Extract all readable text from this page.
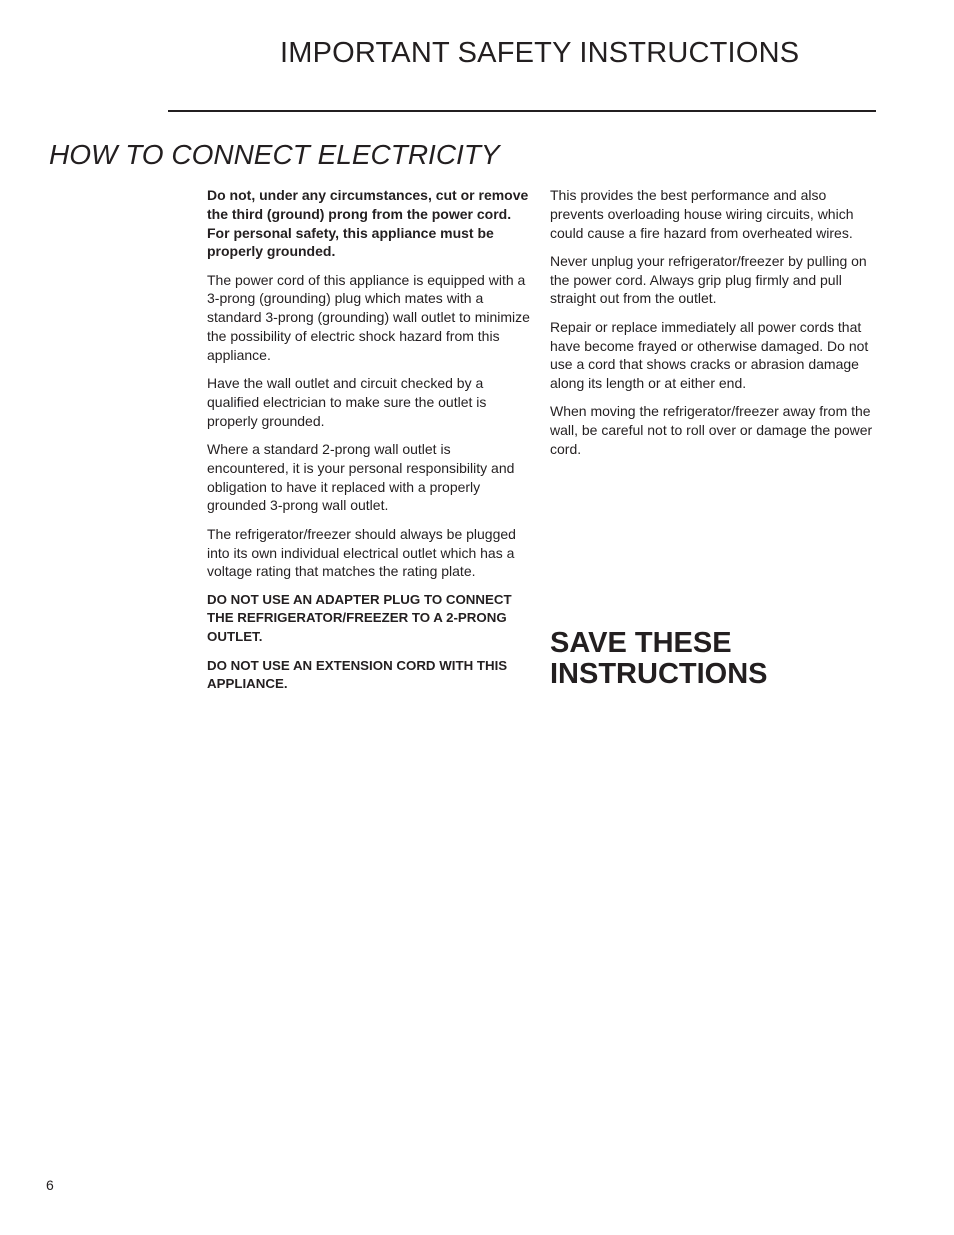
IMPORTANT SAFETY INSTRUCTIONS
HOW TO CONNECT ELECTRICITY

Do not, under any circumstances, cut or remove the third (ground) prong from the power cord. For personal safety, this appliance must be properly grounded.

The power cord of this appliance is equipped with a 3-prong (grounding) plug which mates with a standard 3-prong (grounding) wall outlet to minimize the possibility of electric shock hazard from this appliance.

Have the wall outlet and circuit checked by a qualified electrician to make sure the outlet is properly grounded.

Where a standard 2-prong wall outlet is encountered, it is your personal responsibility and obligation to have it replaced with a properly grounded 3-prong wall outlet.

The refrigerator/freezer should always be plugged into its own individual electrical outlet which has a voltage rating that matches the rating plate.

DO NOT USE AN ADAPTER PLUG TO CONNECT THE REFRIGERATOR/FREEZER TO A 2-PRONG OUTLET.

DO NOT USE AN EXTENSION CORD WITH THIS APPLIANCE.

This provides the best performance and also prevents overloading house wiring circuits, which could cause a fire hazard from overheated wires.

Never unplug your refrigerator/freezer by pulling on the power cord. Always grip plug firmly and pull straight out from the outlet.

Repair or replace immediately all power cords that have become frayed or otherwise damaged. Do not use a cord that shows cracks or abrasion damage along its length or at either end.

When moving the refrigerator/freezer away from the wall, be careful not to roll over or damage the power cord.

SAVE THESE
INSTRUCTIONS
6
